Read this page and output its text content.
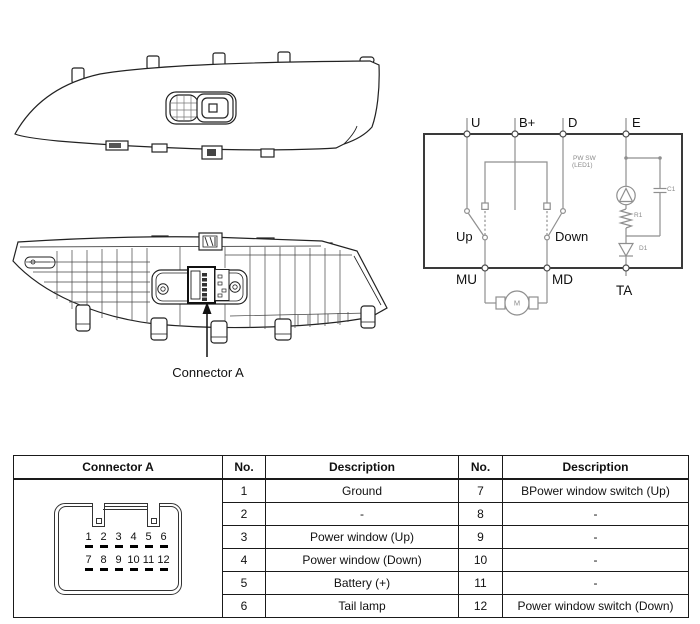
U	B+	D	E
Up	Down
MU	MD
TA
PW SW
(LED1)
R1
C1
D1
M
Connector A
Connector A	No.	Description	No.	Description

1 2 3 4 5 6
7 8 9 10 11 12
	1	Ground	7	BPower window switch (Up)
	2	-	8	-
	3	Power window (Up)	9	-
	4	Power window (Down)	10	-
	5	Battery (+)	11	-
	6	Tail lamp	12	Power window switch (Down)
